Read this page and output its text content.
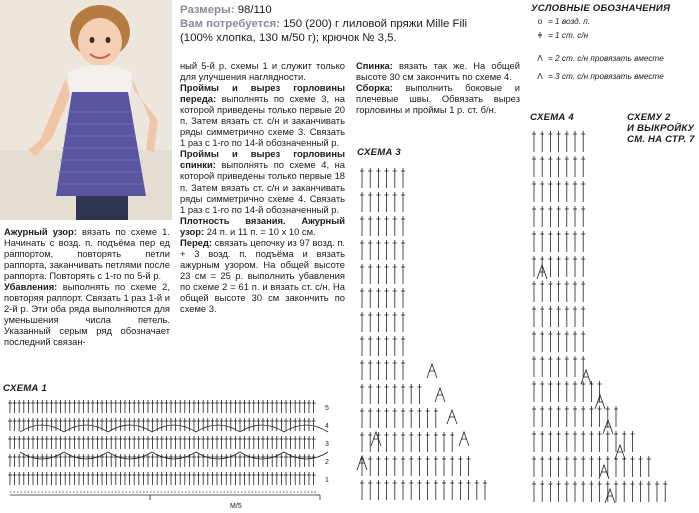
Размеры: 98/110
Вам потребуется: 150 (200) г лиловой пряжи Mille Fili
(100% хлопка, 130 м/50 г); крючок № 3,5.

Ажурный узор: вязать по схеме 1. Начинать с возд. п. подъёма пер ед раппортом, повторять петли раппорта, заканчивать петлями после раппорта. Повторять с 1-го по 5-й р.

Убавления: выполнять по схеме 2, повторяя раппорт. Связать 1 раз 1-й и 2-й р. Эти оба ряда выполняются для уменьшения числа петель. Указанный серым ряд обозначает последний связан-

ный 5-й р. схемы 1 и служит только для улучшения наглядности.

Проймы и вырез горловины переда: выполнять по схеме 3, на которой приведены только первые 20 п. Затем вязать ст. с/н и заканчивать ряды симметрично схеме 3. Связать 1 раз с 1-го по 14-й обозначенный р.

Проймы и вырез горловины спинки: выполнять по схеме 4, на которой приведены только первые 18 п. Затем вязать ст. с/н и заканчивать ряды симметрично схеме 4. Связать 1 раз с 1-го по 14-й обозначенный р.

Плотность вязания. Ажурный узор: 24 п. и 11 п. = 10 х 10 см.

Перед: связать цепочку из 97 возд. п. + 3 возд. п. подъёма и вязать ажурным узором. На общей высоте 23 см = 25 р. выполнить убавления по схеме 2 = 61 п. и вязать ст. с/н. На общей высоте 30 см закончить по схеме 3.

Спинка: вязать так же. На общей высоте 30 см закончить по схеме 4.

Сборка: выполнить боковые и плечевые швы. Обвязать вырез горловины и проймы 1 р. ст. б/н.

УСЛОВНЫЕ ОБОЗНАЧЕНИЯ
o = 1 возд. п.
ǂ = 1 ст. с/н
Λ = 2 ст. с/н провязать вместе
Λ = 3 ст. с/н провязать вместе
СХЕМА 4	СХЕМУ 2
И ВЫКРОЙКУ
СМ. НА СТР. 7
СХЕМА 3
СХЕМА 1
5
4
3
2
1
М/5
